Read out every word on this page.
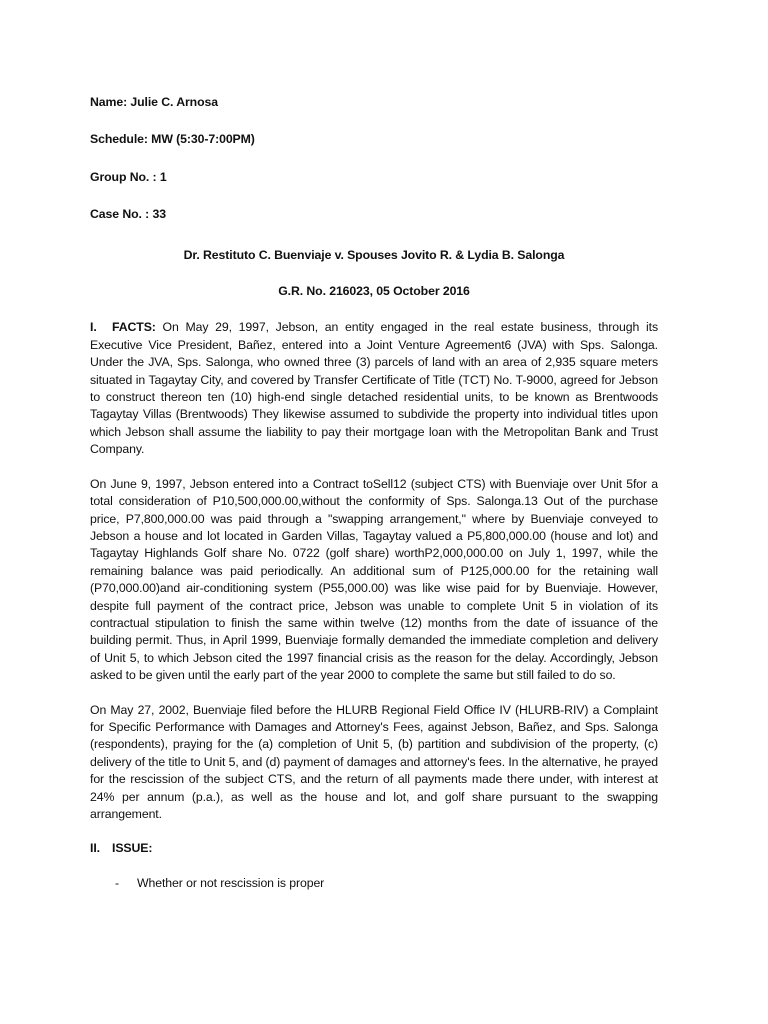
Name: Julie C. Arnosa

Schedule: MW (5:30-7:00PM)

Group No. : 1

Case No. : 33

Dr. Restituto C. Buenviaje v. Spouses Jovito R. & Lydia B. Salonga

G.R. No. 216023, 05 October 2016

I. FACTS: On May 29, 1997, Jebson, an entity engaged in the real estate business, through its Executive Vice President, Bañez, entered into a Joint Venture Agreement6 (JVA) with Sps. Salonga. Under the JVA, Sps. Salonga, who owned three (3) parcels of land with an area of 2,935 square meters situated in Tagaytay City, and covered by Transfer Certificate of Title (TCT) No. T-9000, agreed for Jebson to construct thereon ten (10) high-end single detached residential units, to be known as Brentwoods Tagaytay Villas (Brentwoods) They likewise assumed to subdivide the property into individual titles upon which Jebson shall assume the liability to pay their mortgage loan with the Metropolitan Bank and Trust Company.

On June 9, 1997, Jebson entered into a Contract toSell12 (subject CTS) with Buenviaje over Unit 5for a total consideration of P10,500,000.00,without the conformity of Sps. Salonga.13 Out of the purchase price, P7,800,000.00 was paid through a "swapping arrangement," where by Buenviaje conveyed to Jebson a house and lot located in Garden Villas, Tagaytay valued a P5,800,000.00 (house and lot) and Tagaytay Highlands Golf share No. 0722 (golf share) worthP2,000,000.00 on July 1, 1997, while the remaining balance was paid periodically. An additional sum of P125,000.00 for the retaining wall (P70,000.00)and air-conditioning system (P55,000.00) was like wise paid for by Buenviaje. However, despite full payment of the contract price, Jebson was unable to complete Unit 5 in violation of its contractual stipulation to finish the same within twelve (12) months from the date of issuance of the building permit. Thus, in April 1999, Buenviaje formally demanded the immediate completion and delivery of Unit 5, to which Jebson cited the 1997 financial crisis as the reason for the delay. Accordingly, Jebson asked to be given until the early part of the year 2000 to complete the same but still failed to do so.

On May 27, 2002, Buenviaje filed before the HLURB Regional Field Office IV (HLURB-RIV) a Complaint for Specific Performance with Damages and Attorney's Fees, against Jebson, Bañez, and Sps. Salonga (respondents), praying for the (a) completion of Unit 5, (b) partition and subdivision of the property, (c) delivery of the title to Unit 5, and (d) payment of damages and attorney's fees. In the alternative, he prayed for the rescission of the subject CTS, and the return of all payments made there under, with interest at 24% per annum (p.a.), as well as the house and lot, and golf share pursuant to the swapping arrangement.

II. ISSUE:

-	Whether or not rescission is proper
